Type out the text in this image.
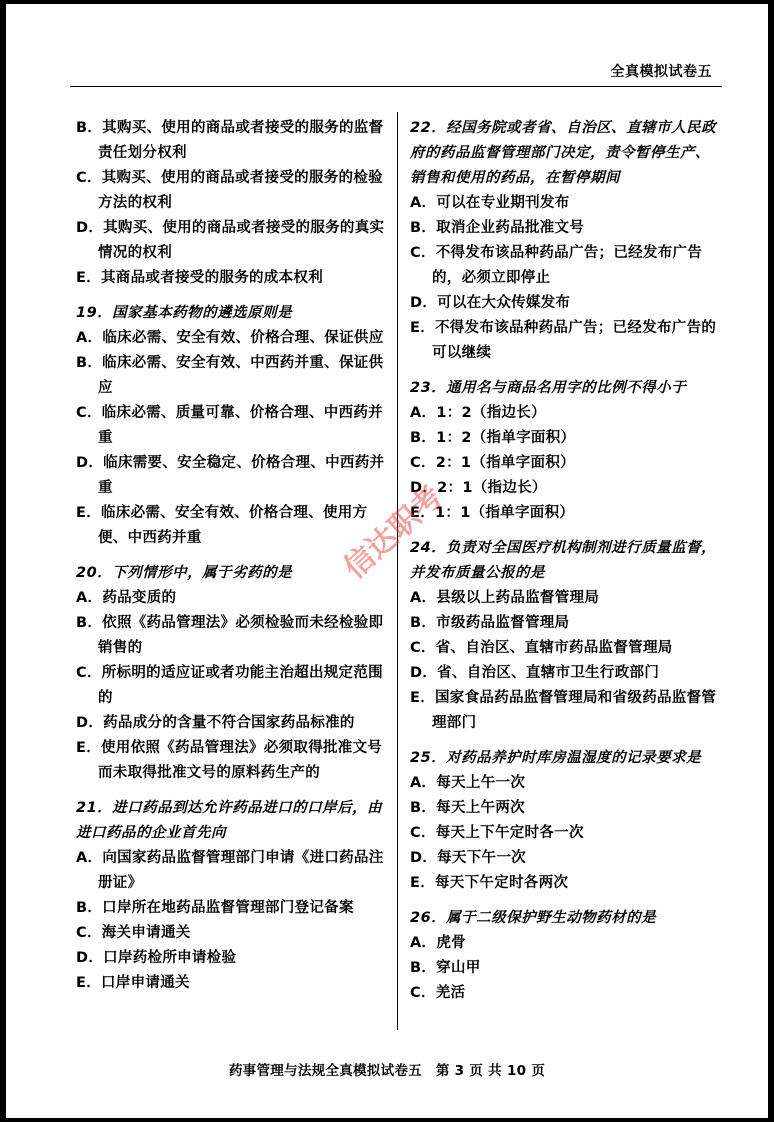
全真模拟试卷五
B．其购买、使用的商品或者接受的服务的监督责任划分权利
C．其购买、使用的商品或者接受的服务的检验方法的权利
D．其购买、使用的商品或者接受的服务的真实情况的权利
E．其商品或者接受的服务的成本权利
19．国家基本药物的遴选原则是
A．临床必需、安全有效、价格合理、保证供应
B．临床必需、安全有效、中西药并重、保证供应
C．临床必需、质量可靠、价格合理、中西药并重
D．临床需要、安全稳定、价格合理、中西药并重
E．临床必需、安全有效、价格合理、使用方便、中西药并重
20．下列情形中，属于劣药的是
A．药品变质的
B．依照《药品管理法》必须检验而未经检验即销售的
C．所标明的适应证或者功能主治超出规定范围的
D．药品成分的含量不符合国家药品标准的
E．使用依照《药品管理法》必须取得批准文号而未取得批准文号的原料药生产的
21．进口药品到达允许药品进口的口岸后，由进口药品的企业首先向
A．向国家药品监督管理部门申请《进口药品注册证》
B．口岸所在地药品监督管理部门登记备案
C．海关申请通关
D．口岸药检所申请检验
E．口岸申请通关
22．经国务院或者省、自治区、直辖市人民政府的药品监督管理部门决定，责令暂停生产、销售和使用的药品，在暂停期间
A．可以在专业期刊发布
B．取消企业药品批准文号
C．不得发布该品种药品广告；已经发布广告的，必须立即停止
D．可以在大众传媒发布
E．不得发布该品种药品广告；已经发布广告的可以继续
23．通用名与商品名用字的比例不得小于
A．1：2（指边长）
B．1：2（指单字面积）
C．2：1（指单字面积）
D．2：1（指边长）
E．1：1（指单字面积）
24．负责对全国医疗机构制剂进行质量监督，并发布质量公报的是
A．县级以上药品监督管理局
B．市级药品监督管理局
C．省、自治区、直辖市药品监督管理局
D．省、自治区、直辖市卫生行政部门
E．国家食品药品监督管理局和省级药品监督管理部门
25．对药品养护时库房温湿度的记录要求是
A．每天上午一次
B．每天上午两次
C．每天上下午定时各一次
D．每天下午一次
E．每天下午定时各两次
26．属于二级保护野生动物药材的是
A．虎骨
B．穿山甲
C．羌活
信达职考
药事管理与法规全真模拟试卷五　第 3 页 共 10 页
